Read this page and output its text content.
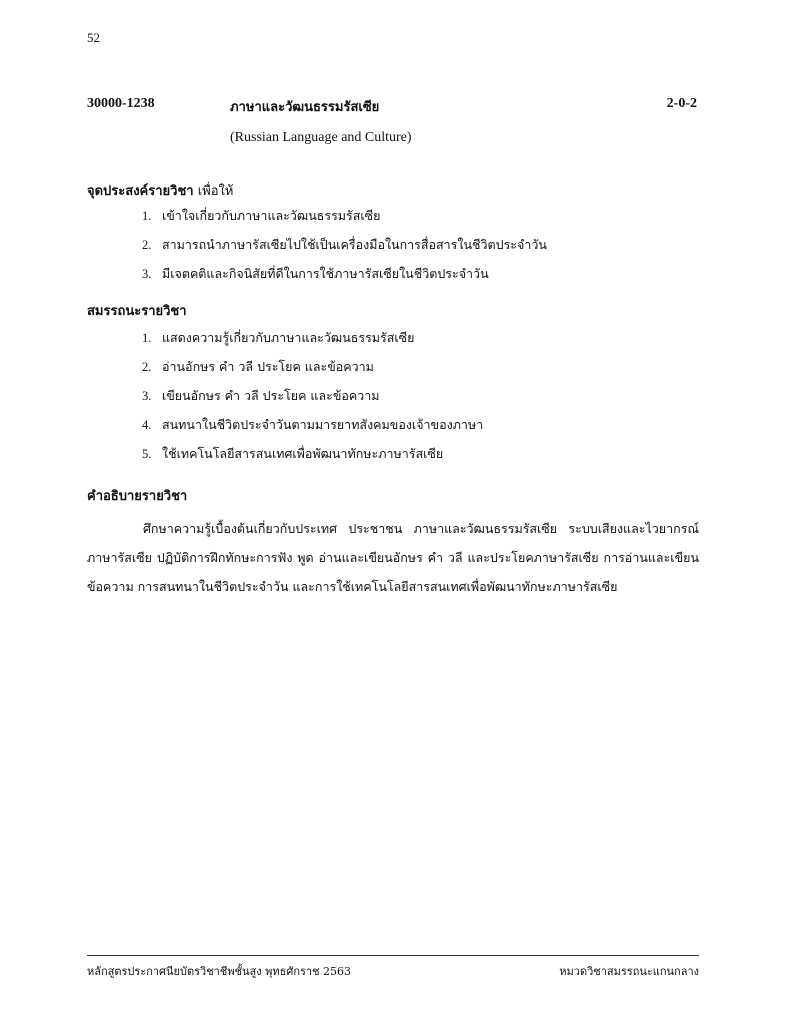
52
30000-1238	ภาษาและวัฒนธรรมรัสเซีย	2-0-2
(Russian Language and Culture)
จุดประสงค์รายวิชา เพื่อให้
1. เข้าใจเกี่ยวกับภาษาและวัฒนธรรมรัสเซีย
2. สามารถนำภาษารัสเซียไปใช้เป็นเครื่องมือในการสื่อสารในชีวิตประจำวัน
3. มีเจตคติและกิจนิสัยที่ดีในการใช้ภาษารัสเซียในชีวิตประจำวัน
สมรรถนะรายวิชา
1. แสดงความรู้เกี่ยวกับภาษาและวัฒนธรรมรัสเซีย
2. อ่านอักษร คำ วลี ประโยค และข้อความ
3. เขียนอักษร คำ วลี ประโยค และข้อความ
4. สนทนาในชีวิตประจำวันตามมารยาทสังคมของเจ้าของภาษา
5. ใช้เทคโนโลยีสารสนเทศเพื่อพัฒนาทักษะภาษารัสเซีย
คำอธิบายรายวิชา

ศึกษาความรู้เบื้องต้นเกี่ยวกับประเทศ ประชาชน ภาษาและวัฒนธรรมรัสเซีย ระบบเสียงและไวยากรณ์ภาษารัสเซีย ปฏิบัติการฝึกทักษะการฟัง พูด อ่านและเขียนอักษร คำ วลี และประโยคภาษารัสเซีย การอ่านและเขียนข้อความ การสนทนาในชีวิตประจำวัน และการใช้เทคโนโลยีสารสนเทศเพื่อพัฒนาทักษะภาษารัสเซีย

หลักสูตรประกาศนียบัตรวิชาชีพชั้นสูง พุทธศักราช 2563	หมวดวิชาสมรรถนะแกนกลาง
